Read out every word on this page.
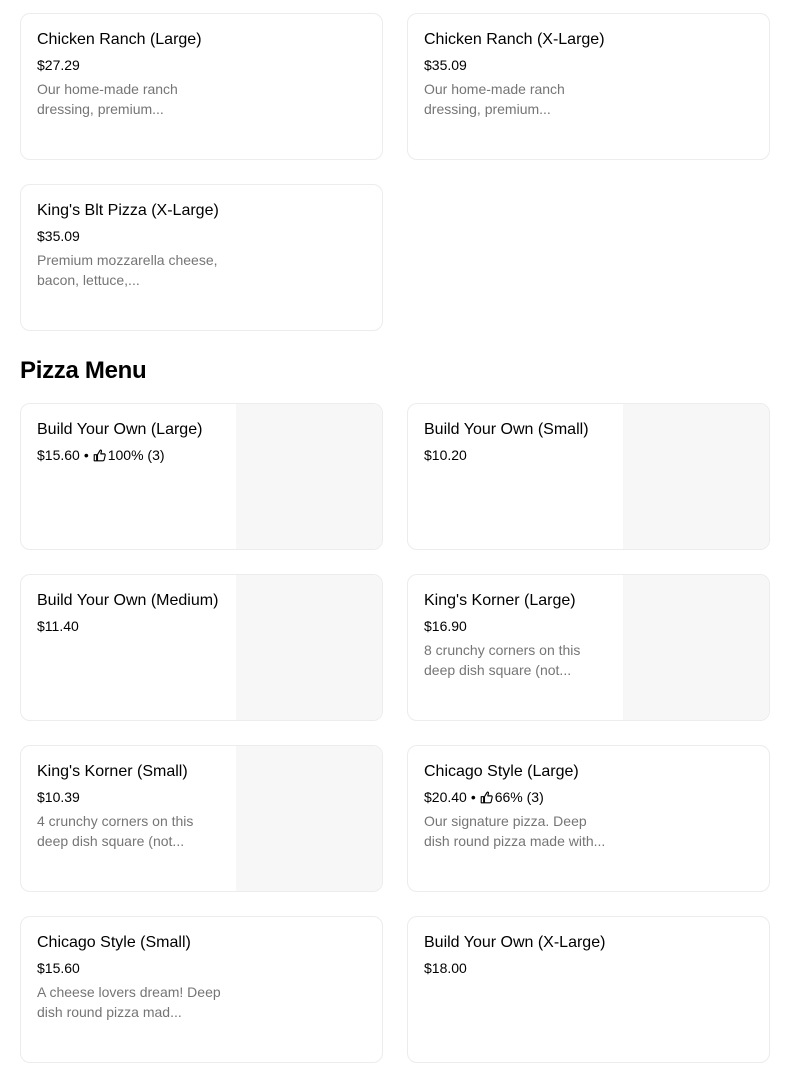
Chicken Ranch (Large)
$27.29
Our home-made ranch dressing, premium...
Chicken Ranch (X-Large)
$35.09
Our home-made ranch dressing, premium...
King's Blt Pizza (X-Large)
$35.09
Premium mozzarella cheese, bacon, lettuce,...
Pizza Menu
Build Your Own (Large)
$15.60 • 100% (3)
Build Your Own (Small)
$10.20
Build Your Own (Medium)
$11.40
King's Korner (Large)
$16.90
8 crunchy corners on this deep dish square (not...
King's Korner (Small)
$10.39
4 crunchy corners on this deep dish square (not...
Chicago Style (Large)
$20.40 • 66% (3)
Our signature pizza. Deep dish round pizza made with...
Chicago Style (Small)
$15.60
A cheese lovers dream! Deep dish round pizza mad...
Build Your Own (X-Large)
$18.00
